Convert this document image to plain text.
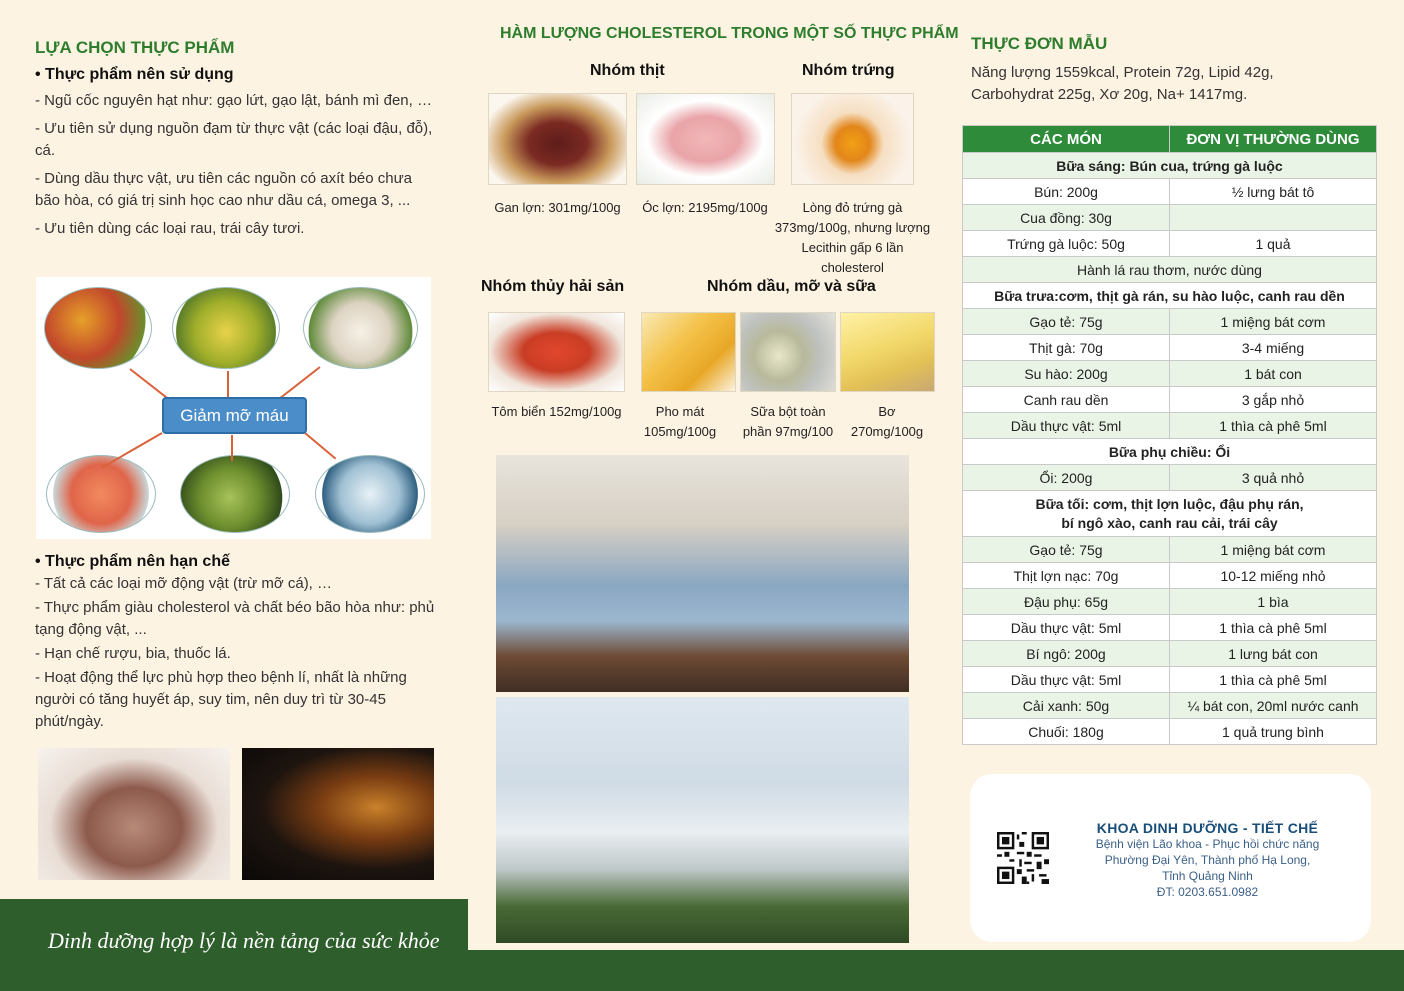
LỰA CHỌN THỰC PHẨM
• Thực phẩm nên sử dụng
- Ngũ cốc nguyên hạt như: gạo lứt, gạo lật, bánh mì đen, …
- Ưu tiên sử dụng nguồn đạm từ thực vật (các loại đậu, đỗ), cá.
- Dùng dầu thực vật, ưu tiên các nguồn có axít béo chưa bão hòa, có giá trị sinh học cao như dầu cá, omega 3, ...
- Ưu tiên dùng các loại rau, trái cây tươi.
Giảm mỡ máu
• Thực phẩm nên hạn chế
- Tất cả các loại mỡ động vật (trừ mỡ cá), …
- Thực phẩm giàu cholesterol và chất béo bão hòa như: phủ tạng động vật, ...
- Hạn chế rượu, bia, thuốc lá.
- Hoạt động thể lực phù hợp theo bệnh lí, nhất là những người có tăng huyết áp, suy tim, nên duy trì từ 30-45 phút/ngày.
Dinh dưỡng hợp lý là nền tảng của sức khỏe
HÀM LƯỢNG CHOLESTEROL TRONG MỘT SỐ THỰC PHẨM
Nhóm thịt	Nhóm trứng
Gan lợn: 301mg/100g	Óc lợn: 2195mg/100g	Lòng đỏ trứng gà 373mg/100g, nhưng lượng Lecithin gấp 6 lần cholesterol
Nhóm thủy hải sản	Nhóm dầu, mỡ và sữa
Tôm biển 152mg/100g	Pho mát 105mg/100g
Sữa bột toàn phần 97mg/100
Bơ 270mg/100g
THỰC ĐƠN MẪU
Năng lượng 1559kcal, Protein 72g, Lipid 42g, Carbohydrat 225g, Xơ 20g, Na+ 1417mg.
CÁC MÓN	ĐƠN VỊ THƯỜNG DÙNG
Bữa sáng: Bún cua, trứng gà luộc	
Bún: 200g	½ lưng bát tô
Cua đồng: 30g	
Trứng gà luộc: 50g	1 quả
Hành lá rau thơm, nước dùng	
Bữa trưa:cơm, thịt gà rán, su hào luộc, canh rau dền	
Gạo tẻ: 75g	1 miệng bát cơm
Thịt gà: 70g	3-4 miếng
Su hào: 200g	1 bát con
Canh rau dền	3 gắp nhỏ
Dầu thực vật: 5ml	1 thìa cà phê 5ml
Bữa phụ chiều: Ổi	
Ổi: 200g	3 quả nhỏ

Bữa tối: cơm, thịt lợn luộc, đậu phụ rán,
bí ngô xào, canh rau cải, trái cây	

Gạo tẻ: 75g	1 miệng bát cơm
Thịt lợn nạc: 70g	10-12 miếng nhỏ
Đậu phụ: 65g	1 bìa
Dầu thực vật: 5ml	1 thìa cà phê 5ml
Bí ngô: 200g	1 lưng bát con
Dầu thực vật: 5ml	1 thìa cà phê 5ml
Cải xanh: 50g	¼ bát con, 20ml nước canh
Chuối: 180g	1 quả trung bình
KHOA DINH DƯỠNG - TIẾT CHẾ
Bệnh viện Lão khoa - Phục hồi chức năng
Phường Đại Yên, Thành phố Hạ Long,
Tỉnh Quảng Ninh
ĐT: 0203.651.0982
